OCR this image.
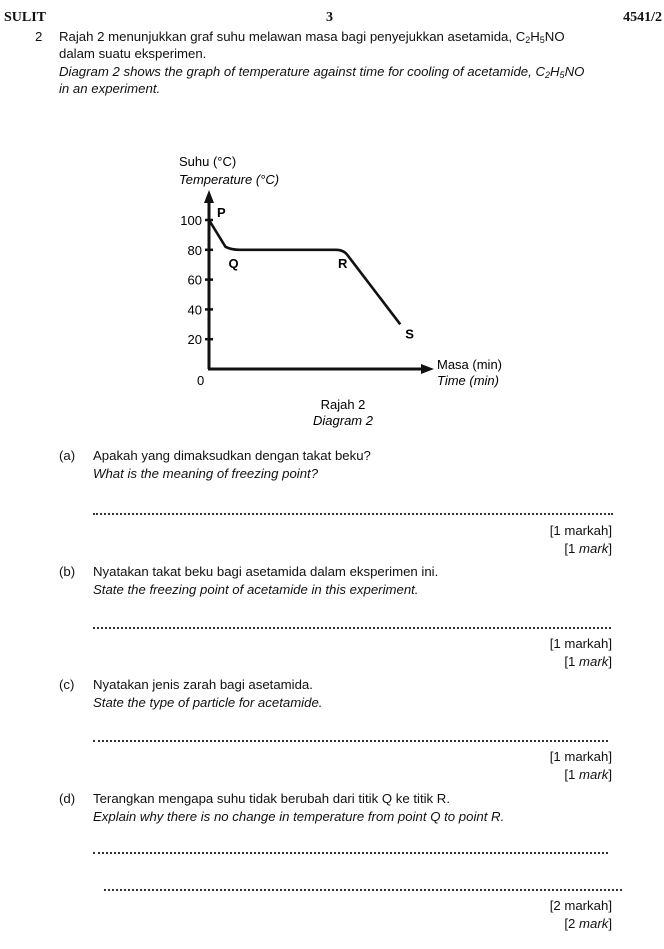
SULIT	3	4541/2
2 Rajah 2 menunjukkan graf suhu melawan masa bagi penyejukkan asetamida, $C_2H_5NO$
dalam suatu eksperimen.
Diagram 2 shows the graph of temperature against time for cooling of acetamide, $C_2H_5NO$
in an experiment.
Suhu (°C)
Temperature (°C)
20
40
60
80
100
0
P
Q	R
S
Masa (min)
Time (min)
Rajah 2
Diagram 2
(a) Apakah yang dimaksudkan dengan takat beku?
What is the meaning of freezing point?
[1 markah]
[1 mark]
(b) Nyatakan takat beku bagi asetamida dalam eksperimen ini.
State the freezing point of acetamide in this experiment.
[1 markah]
[1 mark]
(c) Nyatakan jenis zarah bagi asetamida.
State the type of particle for acetamide.
[1 markah]
[1 mark]
(d) Terangkan mengapa suhu tidak berubah dari titik Q ke titik R.
Explain why there is no change in temperature from point Q to point R.
[2 markah]
[2 mark]
